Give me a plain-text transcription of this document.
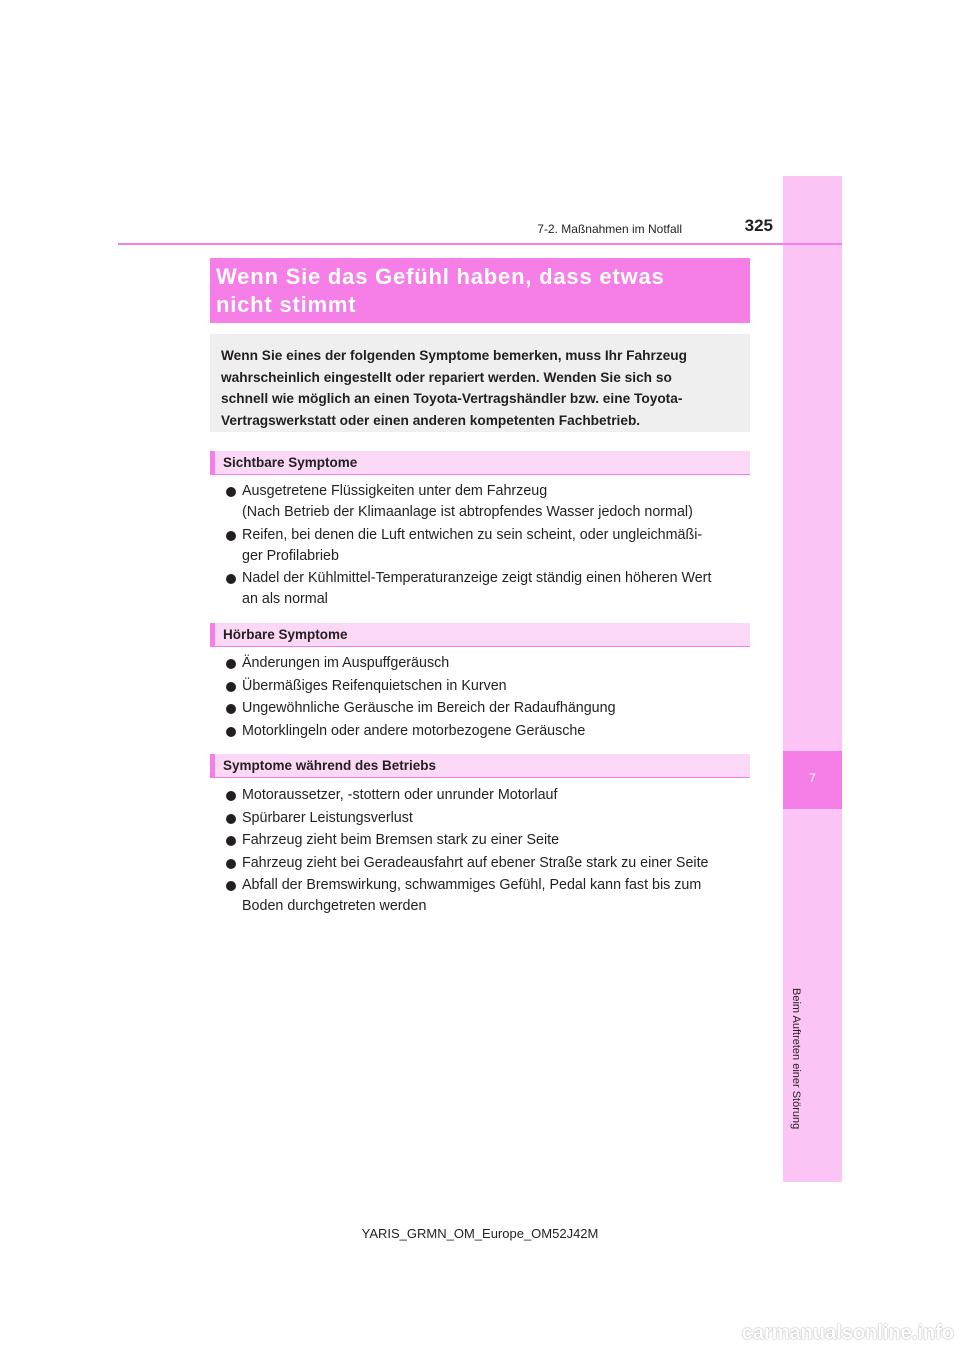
7
Beim Auftreten einer Störung
7-2. Maßnahmen im Notfall	325
Wenn Sie das Gefühl haben, dass etwas
nicht stimmt

Wenn Sie eines der folgenden Symptome bemerken, muss Ihr Fahrzeug

wahrscheinlich eingestellt oder repariert werden. Wenden Sie sich so

schnell wie möglich an einen Toyota-Vertragshändler bzw. eine Toyota-

Vertragswerkstatt oder einen anderen kompetenten Fachbetrieb.

Sichtbare Symptome
Ausgetretene Flüssigkeiten unter dem Fahrzeug
(Nach Betrieb der Klimaanlage ist abtropfendes Wasser jedoch normal)
Reifen, bei denen die Luft entwichen zu sein scheint, oder ungleichmäßi-
ger Profilabrieb
Nadel der Kühlmittel-Temperaturanzeige zeigt ständig einen höheren Wert
an als normal
Hörbare Symptome
Änderungen im Auspuffgeräusch
Übermäßiges Reifenquietschen in Kurven
Ungewöhnliche Geräusche im Bereich der Radaufhängung
Motorklingeln oder andere motorbezogene Geräusche
Symptome während des Betriebs
Motoraussetzer, -stottern oder unrunder Motorlauf
Spürbarer Leistungsverlust
Fahrzeug zieht beim Bremsen stark zu einer Seite
Fahrzeug zieht bei Geradeausfahrt auf ebener Straße stark zu einer Seite
Abfall der Bremswirkung, schwammiges Gefühl, Pedal kann fast bis zum
Boden durchgetreten werden
YARIS_GRMN_OM_Europe_OM52J42M
carmanualsonline.info
